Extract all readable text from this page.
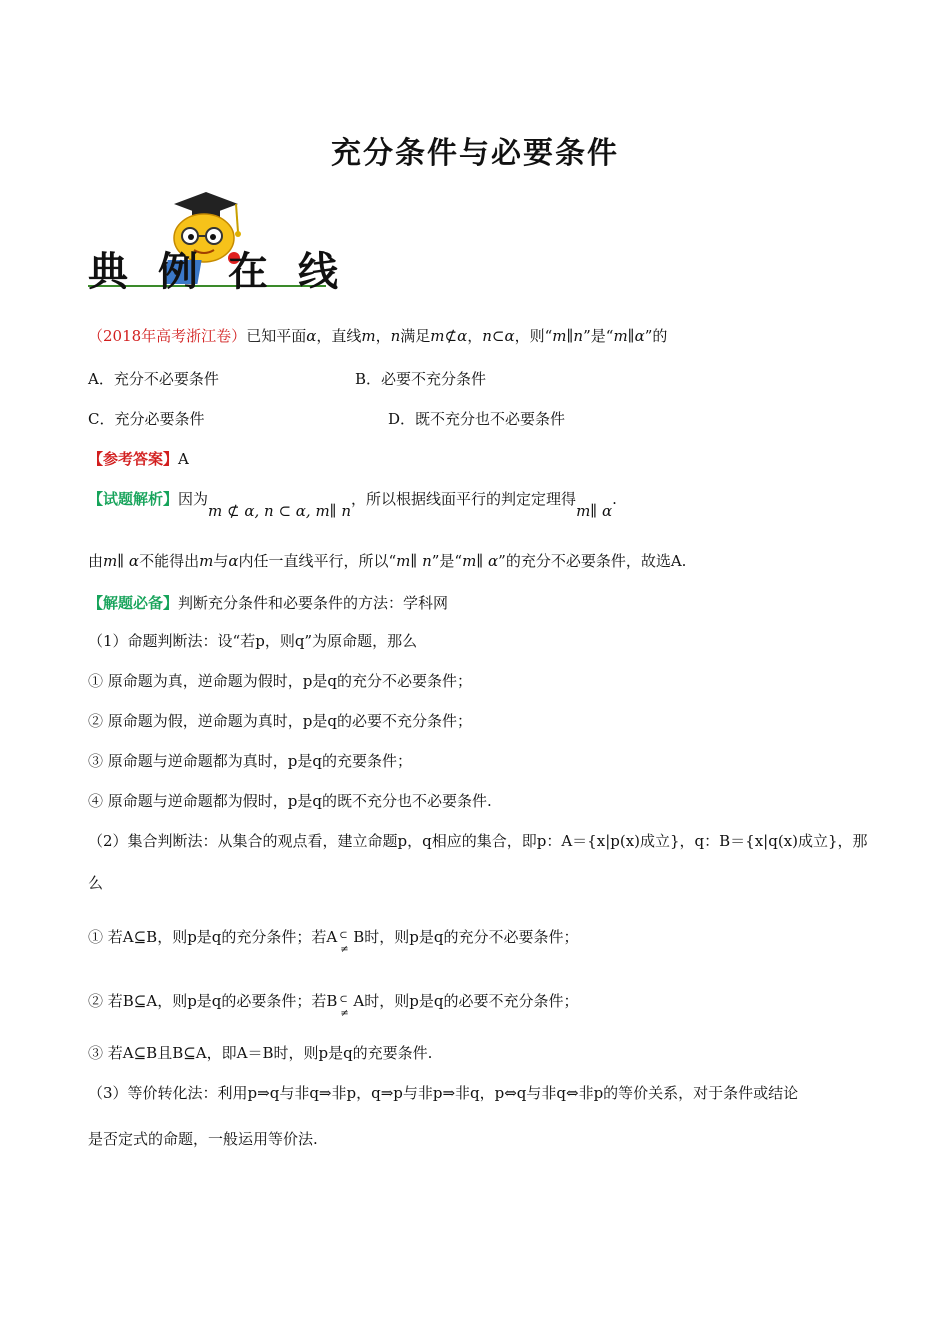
充分条件与必要条件
典例在线
（2018年高考浙江卷）已知平面α，直线m，n满足m⊄α，n⊂α，则“m∥n”是“m∥α”的
A．充分不必要条件	B．必要不充分条件
C．充分必要条件	D．既不充分也不必要条件
【参考答案】A
【试题解析】因为m ⊄ α, n ⊂ α, m∥ n，所以根据线面平行的判定定理得m∥ α.
由m∥ α不能得出m与α内任一直线平行，所以“m∥ n”是“m∥ α”的充分不必要条件，故选A.
【解题必备】判断充分条件和必要条件的方法：学科网
（1）命题判断法：设“若p，则q”为原命题，那么
① 原命题为真，逆命题为假时，p是q的充分不必要条件；
② 原命题为假，逆命题为真时，p是q的必要不充分条件；
③ 原命题与逆命题都为真时，p是q的充要条件；
④ 原命题与逆命题都为假时，p是q的既不充分也不必要条件.
（2）集合判断法：从集合的观点看，建立命题p，q相应的集合，即p：A＝{x|p(x)成立}，q：B＝{x|q(x)成立}，那
么
① 若A⊆B，则p是q的充分条件；若A ⊂
≠
B时，则p是q的充分不必要条件；
② 若B⊆A，则p是q的必要条件；若B ⊂
≠
A时，则p是q的必要不充分条件；
③ 若A⊆B且B⊆A，即A＝B时，则p是q的充要条件.
（3）等价转化法：利用p⇒q与非q⇒非p，q⇒p与非p⇒非q，p⇔q与非q⇔非p的等价关系，对于条件或结论
是否定式的命题，一般运用等价法.
